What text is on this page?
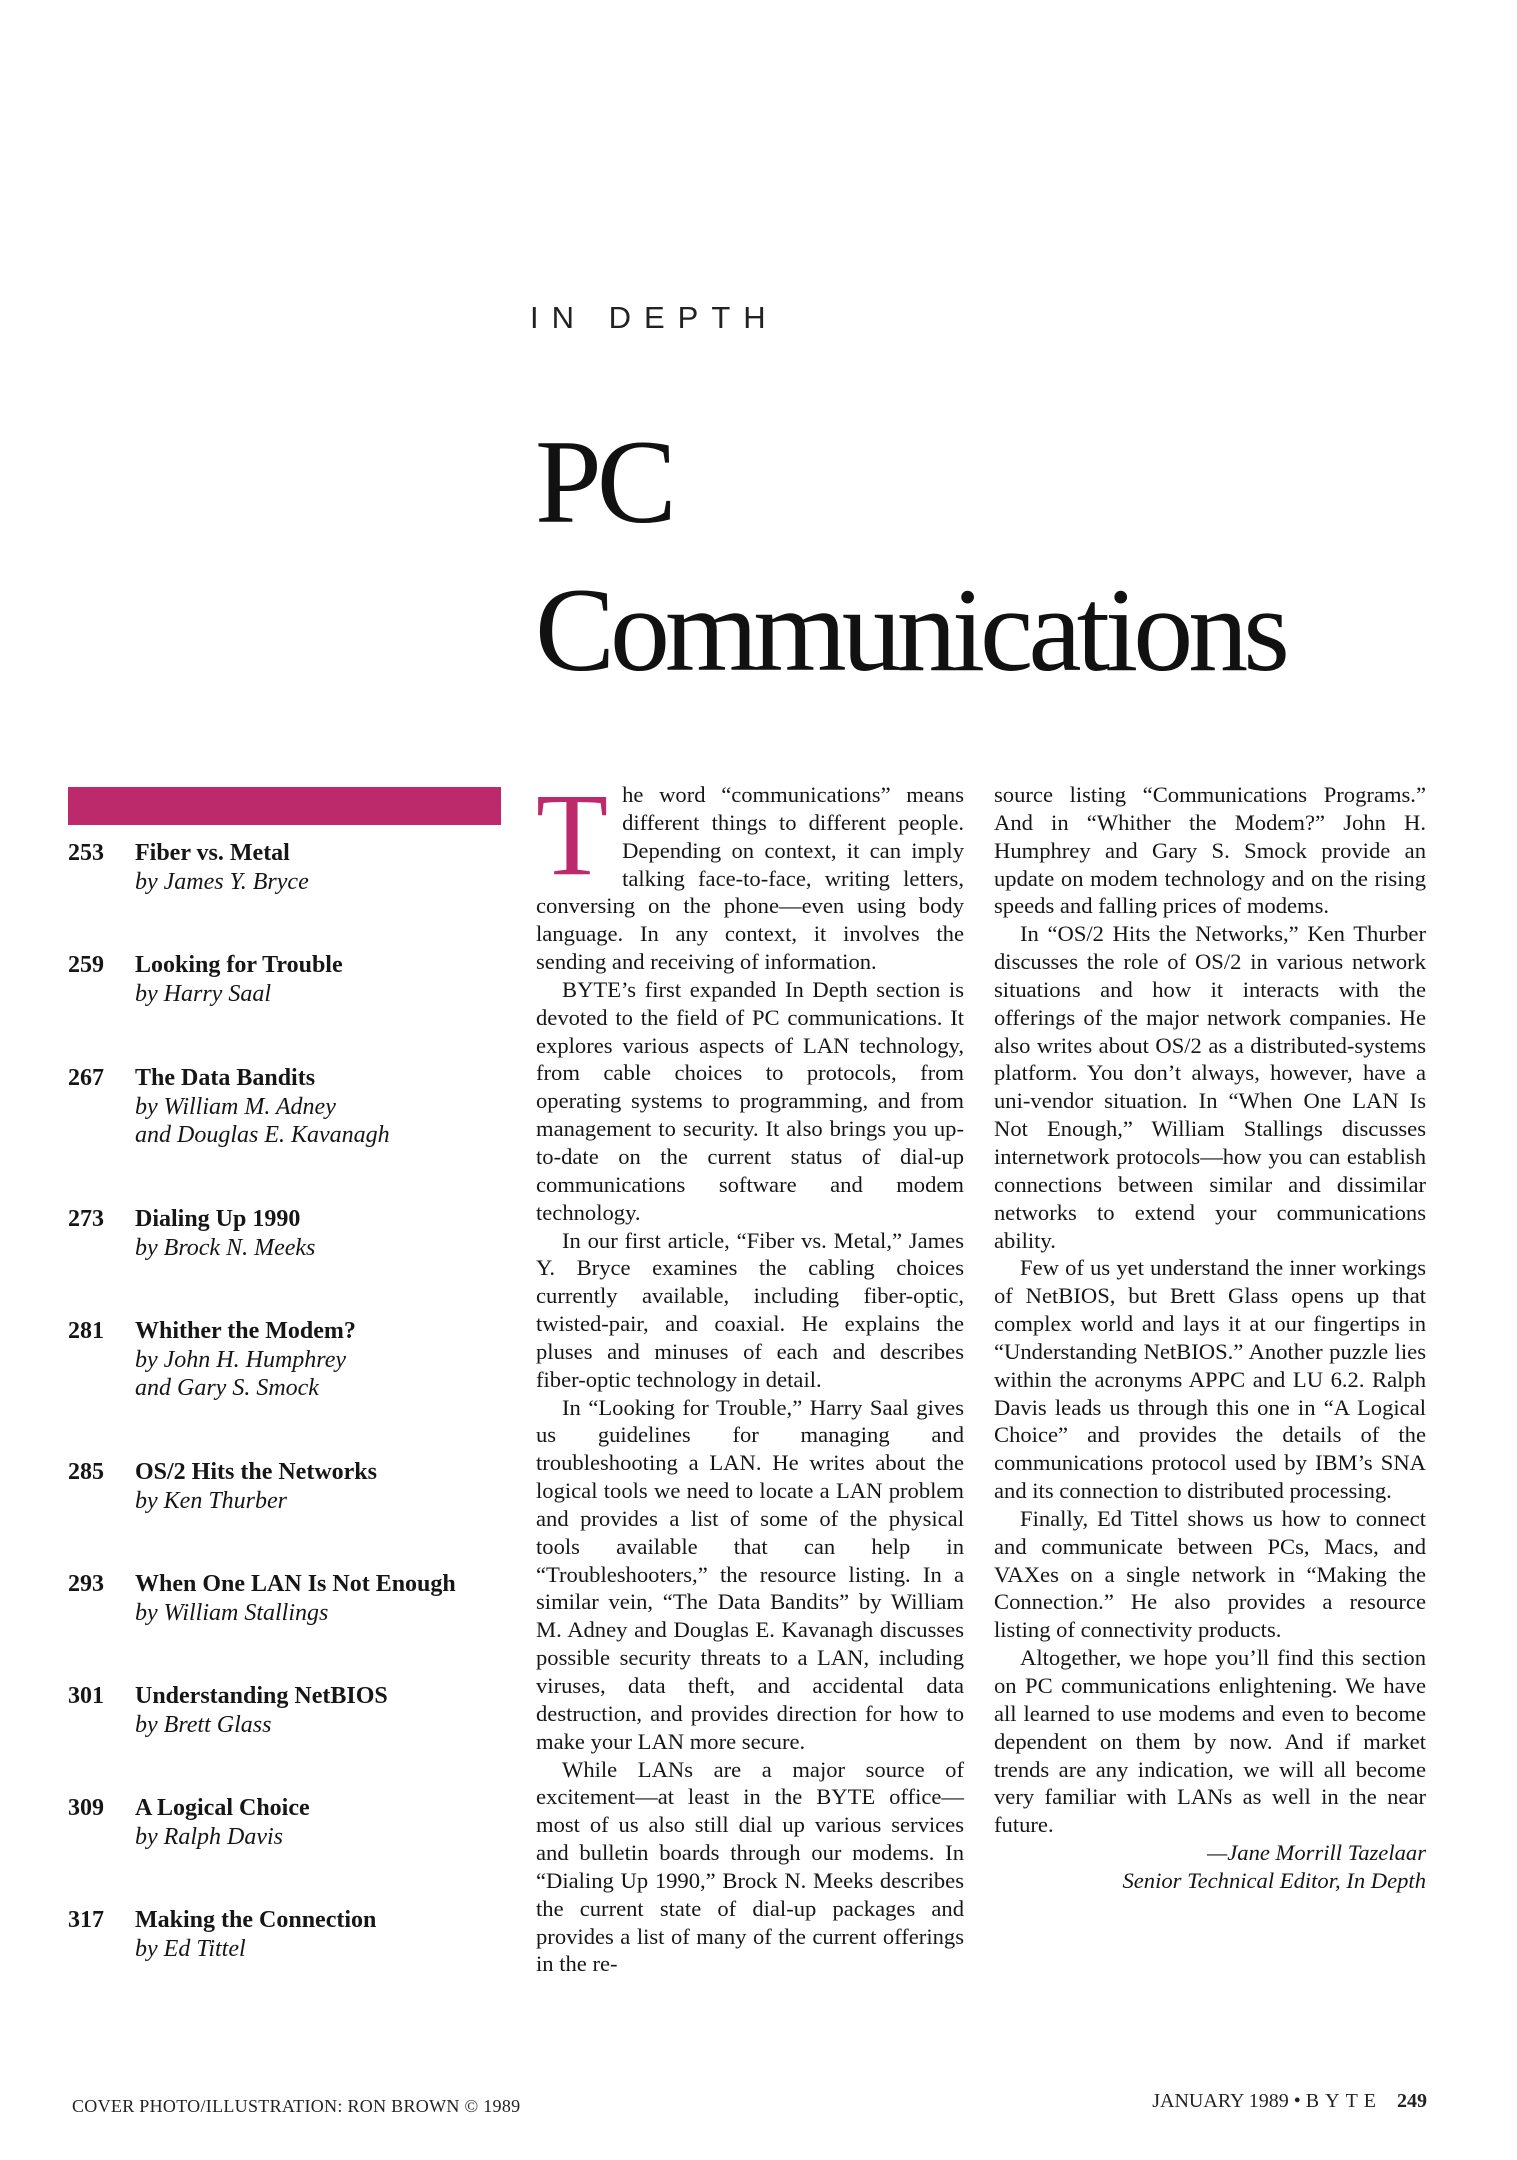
IN DEPTH
PC
Communications
253	Fiber vs. Metal
by James Y. Bryce
259	Looking for Trouble
by Harry Saal
267	The Data Bandits
by William M. Adney
and Douglas E. Kavanagh
273	Dialing Up 1990
by Brock N. Meeks
281	Whither the Modem?
by John H. Humphrey
and Gary S. Smock
285	OS/2 Hits the Networks
by Ken Thurber
293	When One LAN Is Not Enough
by William Stallings
301	Understanding NetBIOS
by Brett Glass
309	A Logical Choice
by Ralph Davis
317	Making the Connection
by Ed Tittel

The word “communications” means different things to different people. Depending on context, it can imply talking face-to-face, writing letters, conversing on the phone—even using body language. In any context, it involves the sending and receiving of information.

BYTE’s first expanded In Depth section is devoted to the field of PC communications. It explores various aspects of LAN technology, from cable choices to protocols, from operating systems to programming, and from management to security. It also brings you up-to-date on the current status of dial-up communications software and modem technology.

In our first article, “Fiber vs. Metal,” James Y. Bryce examines the cabling choices currently available, including fiber-optic, twisted-pair, and coaxial. He explains the pluses and minuses of each and describes fiber-optic technology in detail.

In “Looking for Trouble,” Harry Saal gives us guidelines for managing and troubleshooting a LAN. He writes about the logical tools we need to locate a LAN problem and provides a list of some of the physical tools available that can help in “Troubleshooters,” the resource listing. In a similar vein, “The Data Bandits” by William M. Adney and Douglas E. Kavanagh discusses possible security threats to a LAN, including viruses, data theft, and accidental data destruction, and provides direction for how to make your LAN more secure.

While LANs are a major source of excitement—at least in the BYTE office—most of us also still dial up various services and bulletin boards through our modems. In “Dialing Up 1990,” Brock N. Meeks describes the current state of dial-up packages and provides a list of many of the current offerings in the re-

source listing “Communications Programs.” And in “Whither the Modem?” John H. Humphrey and Gary S. Smock provide an update on modem technology and on the rising speeds and falling prices of modems.

In “OS/2 Hits the Networks,” Ken Thurber discusses the role of OS/2 in various network situations and how it interacts with the offerings of the major network companies. He also writes about OS/2 as a distributed-systems platform. You don’t always, however, have a uni-vendor situation. In “When One LAN Is Not Enough,” William Stallings discusses internetwork protocols—how you can establish connections between similar and dissimilar networks to extend your communications ability.

Few of us yet understand the inner workings of NetBIOS, but Brett Glass opens up that complex world and lays it at our fingertips in “Understanding NetBIOS.” Another puzzle lies within the acronyms APPC and LU 6.2. Ralph Davis leads us through this one in “A Logical Choice” and provides the details of the communications protocol used by IBM’s SNA and its connection to distributed processing.

Finally, Ed Tittel shows us how to connect and communicate between PCs, Macs, and VAXes on a single network in “Making the Connection.” He also provides a resource listing of connectivity products.

Altogether, we hope you’ll find this section on PC communications enlightening. We have all learned to use modems and even to become dependent on them by now. And if market trends are any indication, we will all become very familiar with LANs as well in the near future.

—Jane Morrill Tazelaar

Senior Technical Editor, In Depth

COVER PHOTO/ILLUSTRATION: RON BROWN © 1989	JANUARY 1989 • BYTE 249
